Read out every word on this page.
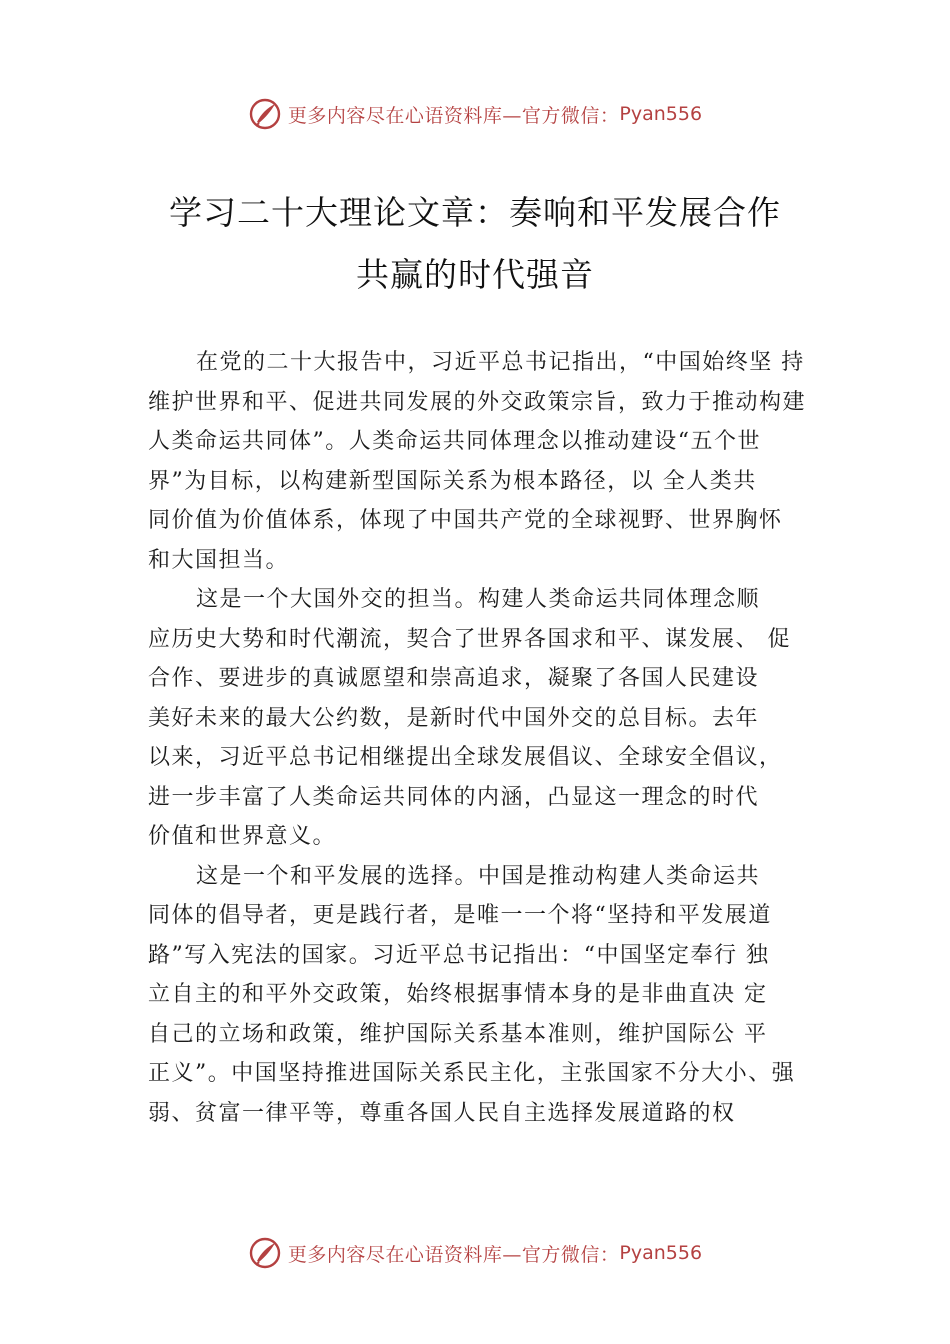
更多内容尽在心语资料库—官方微信： Pyan556
学习二十大理论文章：奏响和平发展合作
共赢的时代强音
在党的二十大报告中，习近平总书记指出，“中国始终坚 持
维护世界和平、促进共同发展的外交政策宗旨，致力于推动构建
人类命运共同体”。人类命运共同体理念以推动建设“五个世
界”为目标，以构建新型国际关系为根本路径，以 全人类共
同价值为价值体系，体现了中国共产党的全球视野、世界胸怀
和大国担当。
这是一个大国外交的担当。构建人类命运共同体理念顺
应历史大势和时代潮流，契合了世界各国求和平、谋发展、 促
合作、要进步的真诚愿望和崇高追求，凝聚了各国人民建设
美好未来的最大公约数，是新时代中国外交的总目标。去年
以来，习近平总书记相继提出全球发展倡议、全球安全倡议，
进一步丰富了人类命运共同体的内涵，凸显这一理念的时代
价值和世界意义。
这是一个和平发展的选择。中国是推动构建人类命运共
同体的倡导者，更是践行者，是唯一一个将“坚持和平发展道
路”写入宪法的国家。习近平总书记指出：“中国坚定奉行 独
立自主的和平外交政策，始终根据事情本身的是非曲直决 定
自己的立场和政策，维护国际关系基本准则，维护国际公 平
正义”。中国坚持推进国际关系民主化，主张国家不分大小、强
弱、贫富一律平等，尊重各国人民自主选择发展道路的权
更多内容尽在心语资料库—官方微信： Pyan556
